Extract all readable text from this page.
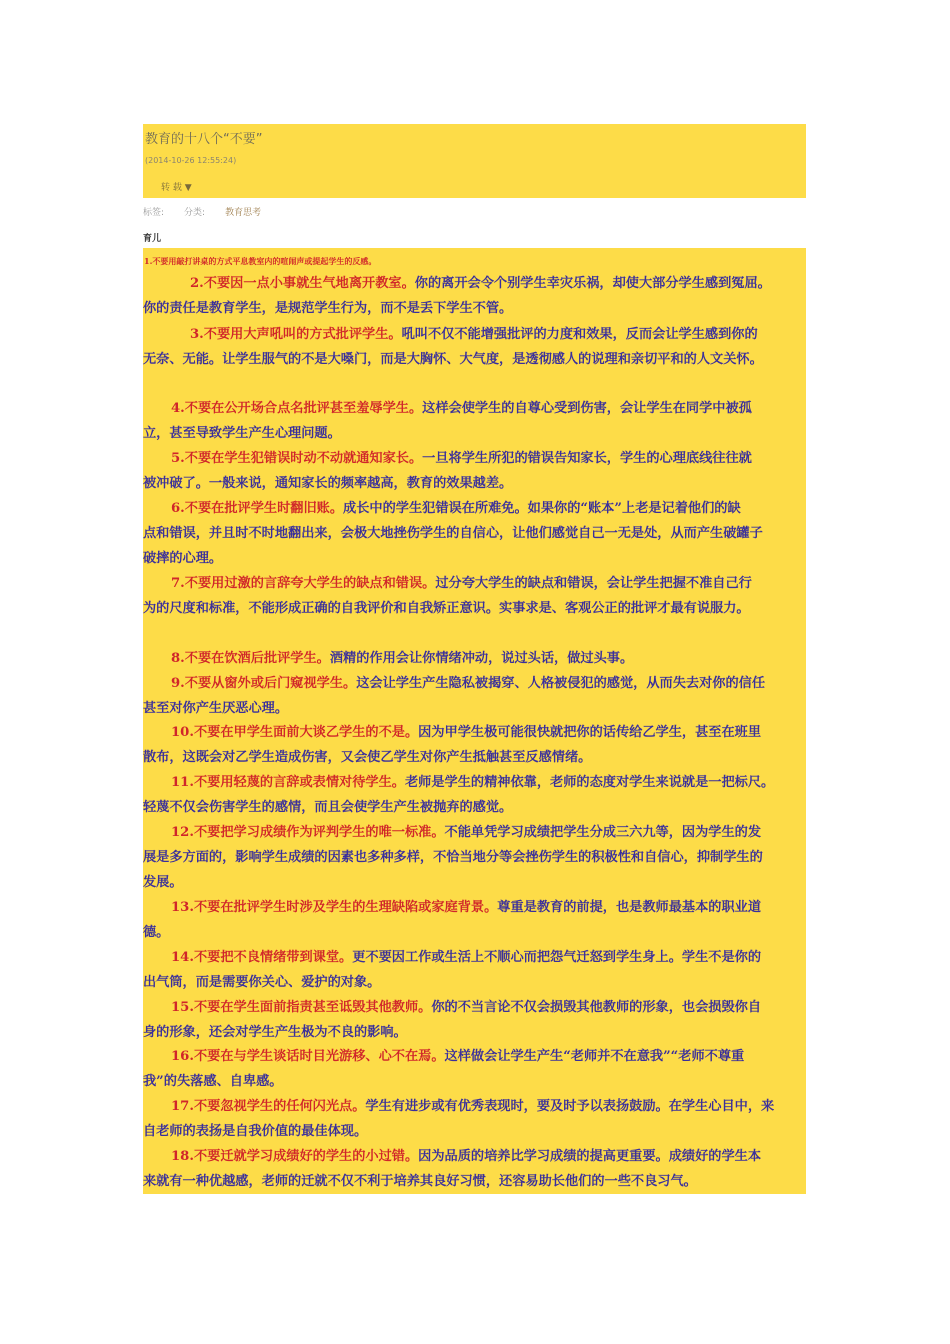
教育的十八个“不要”
(2014-10-26 12:55:24)
转 载 ▼
标签: 分类: 教育思考
育儿
1.不要用敲打讲桌的方式平息教室内的喧闹声或提起学生的反感。
2.不要因一点小事就生气地离开教室。你的离开会令个别学生幸灾乐祸，却使大部分学生感到冤屈。
你的责任是教育学生，是规范学生行为，而不是丢下学生不管。
3.不要用大声吼叫的方式批评学生。吼叫不仅不能增强批评的力度和效果，反而会让学生感到你的
无奈、无能。让学生服气的不是大嗓门，而是大胸怀、大气度，是透彻感人的说理和亲切平和的人文关怀。
4.不要在公开场合点名批评甚至羞辱学生。这样会使学生的自尊心受到伤害，会让学生在同学中被孤
立，甚至导致学生产生心理问题。
5.不要在学生犯错误时动不动就通知家长。一旦将学生所犯的错误告知家长，学生的心理底线往往就
被冲破了。一般来说，通知家长的频率越高，教育的效果越差。
6.不要在批评学生时翻旧账。成长中的学生犯错误在所难免。如果你的“账本”上老是记着他们的缺
点和错误，并且时不时地翻出来，会极大地挫伤学生的自信心，让他们感觉自己一无是处，从而产生破罐子
破摔的心理。
7.不要用过激的言辞夸大学生的缺点和错误。过分夸大学生的缺点和错误，会让学生把握不准自己行
为的尺度和标准，不能形成正确的自我评价和自我矫正意识。实事求是、客观公正的批评才最有说服力。
8.不要在饮酒后批评学生。酒精的作用会让你情绪冲动，说过头话，做过头事。
9.不要从窗外或后门窥视学生。这会让学生产生隐私被揭穿、人格被侵犯的感觉，从而失去对你的信任
甚至对你产生厌恶心理。
10.不要在甲学生面前大谈乙学生的不是。因为甲学生极可能很快就把你的话传给乙学生，甚至在班里
散布，这既会对乙学生造成伤害，又会使乙学生对你产生抵触甚至反感情绪。
11.不要用轻蔑的言辞或表情对待学生。老师是学生的精神依靠，老师的态度对学生来说就是一把标尺。
轻蔑不仅会伤害学生的感情，而且会使学生产生被抛弃的感觉。
12.不要把学习成绩作为评判学生的唯一标准。不能单凭学习成绩把学生分成三六九等，因为学生的发
展是多方面的，影响学生成绩的因素也多种多样，不恰当地分等会挫伤学生的积极性和自信心，抑制学生的
发展。
13.不要在批评学生时涉及学生的生理缺陷或家庭背景。尊重是教育的前提，也是教师最基本的职业道
德。
14.不要把不良情绪带到课堂。更不要因工作或生活上不顺心而把怨气迁怒到学生身上。学生不是你的
出气筒，而是需要你关心、爱护的对象。
15.不要在学生面前指责甚至诋毁其他教师。你的不当言论不仅会损毁其他教师的形象，也会损毁你自
身的形象，还会对学生产生极为不良的影响。
16.不要在与学生谈话时目光游移、心不在焉。这样做会让学生产生“老师并不在意我”“老师不尊重
我”的失落感、自卑感。
17.不要忽视学生的任何闪光点。学生有进步或有优秀表现时，要及时予以表扬鼓励。在学生心目中，来
自老师的表扬是自我价值的最佳体现。
18.不要迁就学习成绩好的学生的小过错。因为品质的培养比学习成绩的提高更重要。成绩好的学生本
来就有一种优越感，老师的迁就不仅不利于培养其良好习惯，还容易助长他们的一些不良习气。
